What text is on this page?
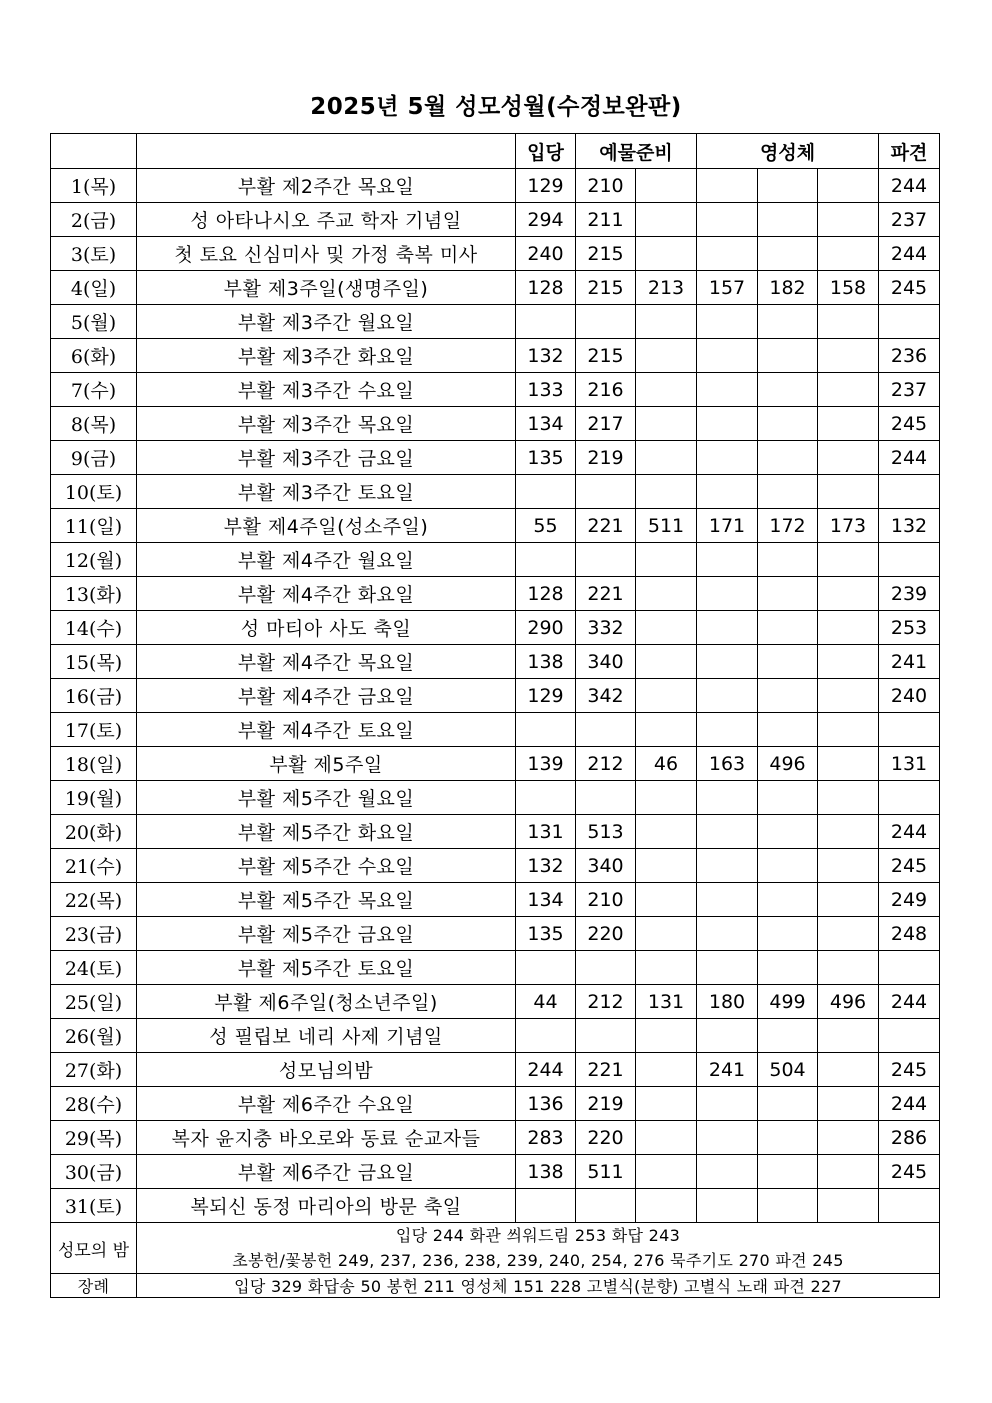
2025년 5월 성모성월(수정보완판)
		입당	예물준비		영성체			파견
1(목)	부활 제2주간 목요일	129	210					244
2(금)	성 아타나시오 주교 학자 기념일	294	211					237
3(토)	첫 토요 신심미사 및 가정 축복 미사	240	215					244
4(일)	부활 제3주일(생명주일)	128	215	213	157	182	158	245
5(월)	부활 제3주간 월요일							
6(화)	부활 제3주간 화요일	132	215					236
7(수)	부활 제3주간 수요일	133	216					237
8(목)	부활 제3주간 목요일	134	217					245
9(금)	부활 제3주간 금요일	135	219					244
10(토)	부활 제3주간 토요일							
11(일)	부활 제4주일(성소주일)	55	221	511	171	172	173	132
12(월)	부활 제4주간 월요일							
13(화)	부활 제4주간 화요일	128	221					239
14(수)	성 마티아 사도 축일	290	332					253
15(목)	부활 제4주간 목요일	138	340					241
16(금)	부활 제4주간 금요일	129	342					240
17(토)	부활 제4주간 토요일							
18(일)	부활 제5주일	139	212	46	163	496		131
19(월)	부활 제5주간 월요일							
20(화)	부활 제5주간 화요일	131	513					244
21(수)	부활 제5주간 수요일	132	340					245
22(목)	부활 제5주간 목요일	134	210					249
23(금)	부활 제5주간 금요일	135	220					248
24(토)	부활 제5주간 토요일							
25(일)	부활 제6주일(청소년주일)	44	212	131	180	499	496	244
26(월)	성 필립보 네리 사제 기념일							
27(화)	성모님의밤	244	221		241	504		245
28(수)	부활 제6주간 수요일	136	219					244
29(목)	복자 윤지충 바오로와 동료 순교자들	283	220					286
30(금)	부활 제6주간 금요일	138	511					245
31(토)	복되신 동정 마리아의 방문 축일							
성모의 밤	입당 244 화관 씌워드림 253 화답 243
초봉헌/꽃봉헌 249, 237, 236, 238, 239, 240, 254, 276 묵주기도 270 파견 245							

장례	입당 329 화답송 50 봉헌 211 영성체 151 228 고별식(분향) 고별식 노래 파견 227							
